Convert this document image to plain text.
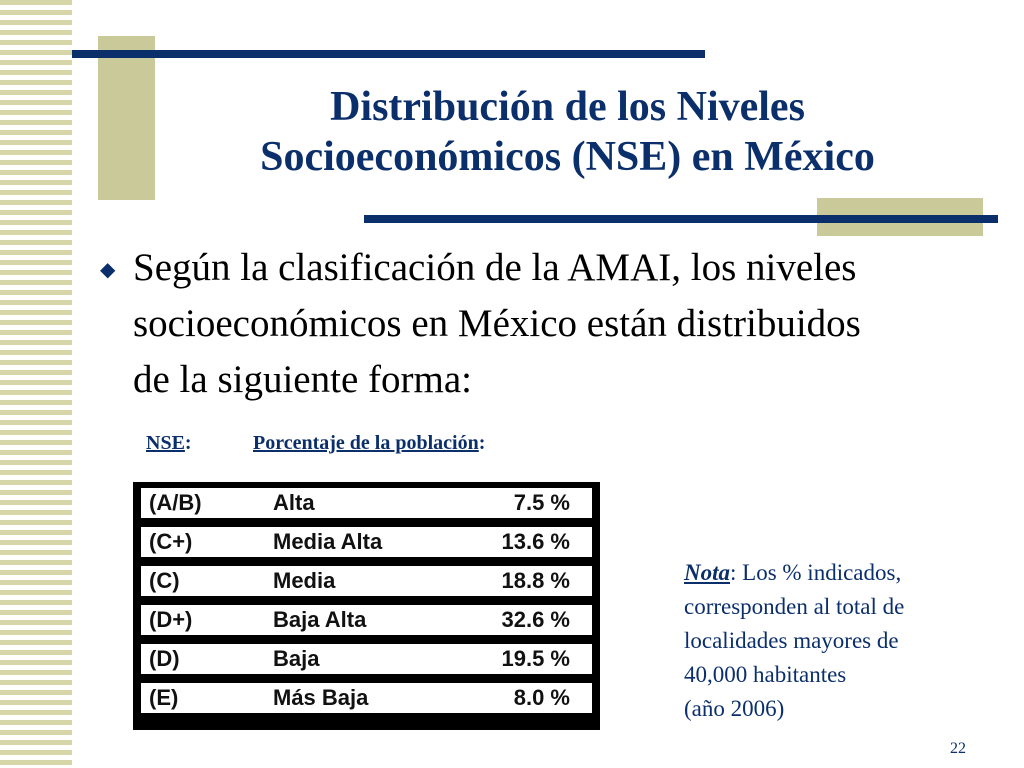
Distribución de los Niveles
Socioeconómicos (NSE) en México
◆ Según la clasificación de la AMAI, los niveles
socioeconómicos en México están distribuidos
de la siguiente forma:
NSE:	Porcentaje de la población:
(A/B)	Alta	7.5 %
(C+)	Media Alta	13.6 %
(C)	Media	18.8 %
(D+)	Baja Alta	32.6 %
(D)	Baja	19.5 %
(E)	Más Baja	8.0 %
Nota: Los % indicados,
corresponden al total de
localidades mayores de
40,000 habitantes
(año 2006)
22
